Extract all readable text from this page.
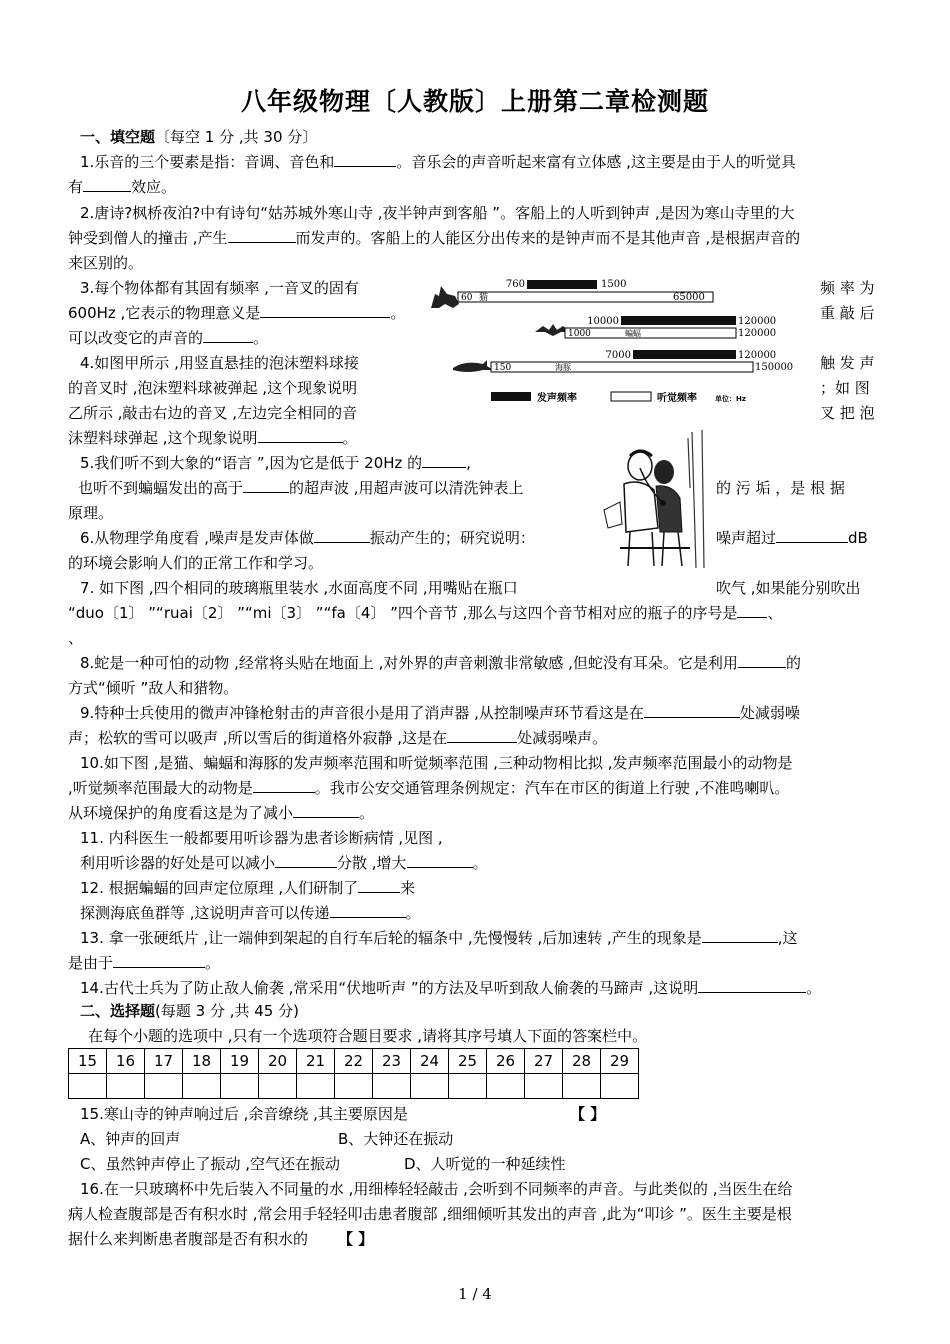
八年级物理〔人教版〕上册第二章检测题
一、填空题〔每空 1 分 ,共 30 分〕
1.乐音的三个要素是指：音调、音色和	。音乐会的声音听起来富有立体感 ,这主要是由于人的听觉具
有	效应。
2.唐诗?枫桥夜泊?中有诗句“姑苏城外寒山寺 ,夜半钟声到客船 ”。客船上的人听到钟声 ,是因为寒山寺里的大
钟受到僧人的撞击 ,产生	而发声的。客船上的人能区分出传来的是钟声而不是其他声音 ,是根据声音的
来区别的。
3.每个物体都有其固有频率 ,一音叉的固有	频 率 为
600Hz ,它表示的物理意义是	。	重 敲 后
可以改变它的声音的	。
4.如图甲所示 ,用竖直悬挂的泡沫塑料球接	触 发 声
的音叉时 ,泡沫塑料球被弹起 ,这个现象说明	；如 图
乙所示 ,敲击右边的音叉 ,左边完全相同的音	叉 把 泡
沫塑料球弹起 ,这个现象说明	。
760	1500
60 猫	65000
10000	120000
1000	蝙蝠	120000
7000	120000
150	海豚	150000
发声频率	听觉频率	单位：Hz
5.我们听不到大象的“语言 ”,因为它是低于 20Hz 的	,
也听不到蝙蝠发出的高于	的超声波 ,用超声波可以清洗钟表上	的 污 垢 ，是 根 据
原理。
6.从物理学角度看 ,噪声是发声体做	振动产生的；研究说明：	噪声超过	dB
的环境会影响人们的正常工作和学习。
7. 如下图 ,四个相同的玻璃瓶里装水 ,水面高度不同 ,用嘴贴在瓶口	吹气 ,如果能分别吹出
“duo〔1〕 ”“ruai〔2〕 ”“mi〔3〕 ”“fa〔4〕 ”四个音节 ,那么与这四个音节相对应的瓶子的序号是 、
、
8.蛇是一种可怕的动物 ,经常将头贴在地面上 ,对外界的声音刺激非常敏感 ,但蛇没有耳朵。它是利用	的
方式“倾听 ”敌人和猎物。
9.特种士兵使用的微声冲锋枪射击的声音很小是用了消声器 ,从控制噪声环节看这是在	处减弱噪
声；松软的雪可以吸声 ,所以雪后的街道格外寂静 ,这是在	处减弱噪声。
10.如下图 ,是猫、蝙蝠和海豚的发声频率范围和听觉频率范围 ,三种动物相比拟 ,发声频率范围最小的动物是
,听觉频率范围最大的动物是	。我市公安交通管理条例规定：汽车在市区的街道上行驶 ,不准鸣喇叭。
从环境保护的角度看这是为了减小	。
11. 内科医生一般都要用听诊器为患者诊断病情 ,见图 ,
利用听诊器的好处是可以减小	分散 ,增大	。
12. 根据蝙蝠的回声定位原理 ,人们研制了	来
探测海底鱼群等 ,这说明声音可以传递	。
13. 拿一张硬纸片 ,让一端伸到架起的自行车后轮的辐条中 ,先慢慢转 ,后加速转 ,产生的现象是	,这
是由于	。
14.古代士兵为了防止敌人偷袭 ,常采用“伏地听声 ”的方法及早听到敌人偷袭的马蹄声 ,这说明	。
二、选择题(每题 3 分 ,共 45 分)
在每个小题的选项中 ,只有一个选项符合题目要求 ,请将其序号填人下面的答案栏中。
15	16	17	18	19	20	21	22	23	24	25	26	27	28	29

15.寒山寺的钟声响过后 ,余音缭绕 ,其主要原因是	【 】
A、钟声的回声	B、大钟还在振动
C、虽然钟声停止了振动 ,空气还在振动	D、人听觉的一种延续性
16.在一只玻璃杯中先后装入不同量的水 ,用细棒轻轻敲击 ,会听到不同频率的声音。与此类似的 ,当医生在给
病人检查腹部是否有积水时 ,常会用手轻轻叩击患者腹部 ,细细倾听其发出的声音 ,此为“叩诊 ”。医生主要是根
据什么来判断患者腹部是否有积水的 【 】
1 / 4
